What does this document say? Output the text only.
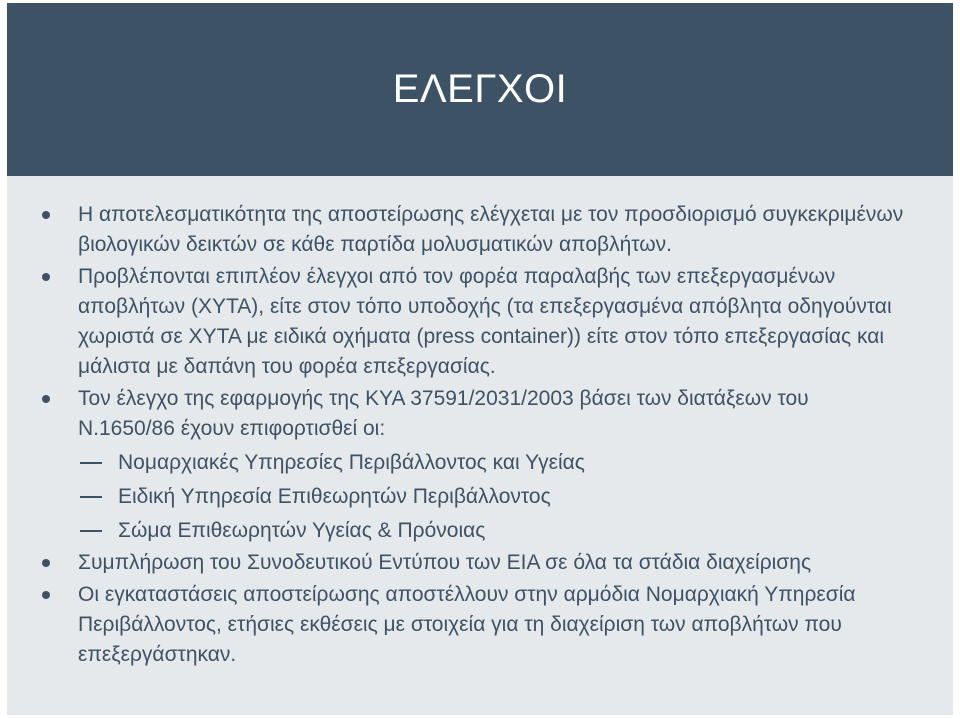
ΕΛΕΓΧΟΙ
Η αποτελεσματικότητα της αποστείρωσης ελέγχεται με τον προσδιορισμό συγκεκριμένων βιολογικών δεικτών σε κάθε παρτίδα μολυσματικών αποβλήτων.
Προβλέπονται επιπλέον έλεγχοι από τον φορέα παραλαβής των επεξεργασμένων αποβλήτων (ΧΥΤΑ), είτε στον τόπο υποδοχής (τα επεξεργασμένα απόβλητα οδηγούνται χωριστά σε ΧΥΤΑ με ειδικά οχήματα (press container)) είτε στον τόπο επεξεργασίας και μάλιστα με δαπάνη του φορέα επεξεργασίας.
Τον έλεγχο της εφαρμογής της ΚΥΑ 37591/2031/2003 βάσει των διατάξεων του Ν.1650/86 έχουν επιφορτισθεί οι:
Νομαρχιακές Υπηρεσίες Περιβάλλοντος και Υγείας
Ειδική Υπηρεσία Επιθεωρητών Περιβάλλοντος
Σώμα Επιθεωρητών Υγείας & Πρόνοιας
Συμπλήρωση του Συνοδευτικού Εντύπου των ΕΙΑ σε όλα τα στάδια διαχείρισης
Οι εγκαταστάσεις αποστείρωσης αποστέλλουν στην αρμόδια Νομαρχιακή Υπηρεσία Περιβάλλοντος, ετήσιες εκθέσεις με στοιχεία για τη διαχείριση των αποβλήτων που επεξεργάστηκαν.
